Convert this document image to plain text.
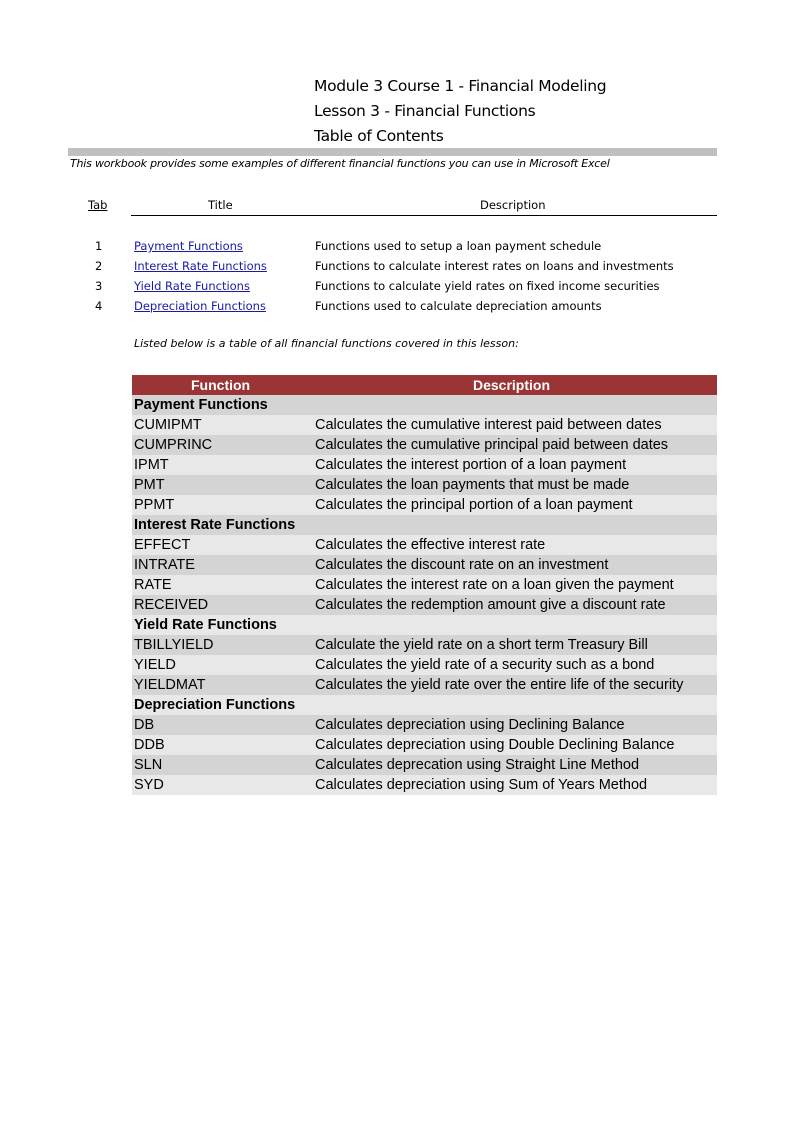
Module 3 Course 1 - Financial Modeling
Lesson 3 - Financial Functions
Table of Contents
This workbook provides some examples of different financial functions you can use in Microsoft Excel
Tab	Title	Description
1	Payment Functions	Functions used to setup a loan payment schedule
2	Interest Rate Functions	Functions to calculate interest rates on loans and investments
3	Yield Rate Functions	Functions to calculate yield rates on fixed income securities
4	Depreciation Functions	Functions used to calculate depreciation amounts
Listed below is a table of all financial functions covered in this lesson:
Function	Description
Payment Functions
CUMIPMT	Calculates the cumulative interest paid between dates
CUMPRINC	Calculates the cumulative principal paid between dates
IPMT	Calculates the interest portion of a loan payment
PMT	Calculates the loan payments that must be made
PPMT	Calculates the principal portion of a loan payment
Interest Rate Functions
EFFECT	Calculates the effective interest rate
INTRATE	Calculates the discount rate on an investment
RATE	Calculates the interest rate on a loan given the payment
RECEIVED	Calculates the redemption amount give a discount rate
Yield Rate Functions
TBILLYIELD	Calculate the yield rate on a short term Treasury Bill
YIELD	Calculates the yield rate of a security such as a bond
YIELDMAT	Calculates the yield rate over the entire life of the security
Depreciation Functions
DB	Calculates depreciation using Declining Balance
DDB	Calculates depreciation using Double Declining Balance
SLN	Calculates deprecation using Straight Line Method
SYD	Calculates depreciation using Sum of Years Method
